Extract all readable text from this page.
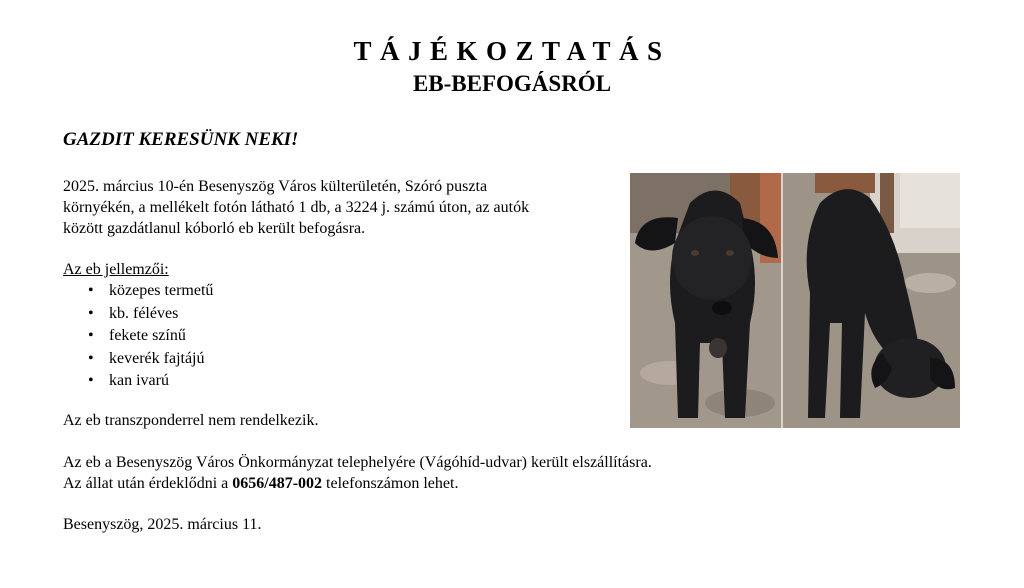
TÁJÉKOZTATÁS
EB-BEFOGÁSRÓL
GAZDIT KERESÜNK NEKI!
2025. március 10-én Besenyszög Város külterületén, Szóró puszta
környékén, a mellékelt fotón látható 1 db, a 3224 j. számú úton, az autók
között gazdátlanul kóborló eb került befogásra.
Az eb jellemzői:
• közepes termetű
• kb. féléves
• fekete színű
• keverék fajtájú
• kan ivarú
Az eb transzponderrel nem rendelkezik.
Az eb a Besenyszög Város Önkormányzat telephelyére (Vágóhíd-udvar) került elszállításra.
Az állat után érdeklődni a 0656/487-002 telefonszámon lehet.
Besenyszög, 2025. március 11.
